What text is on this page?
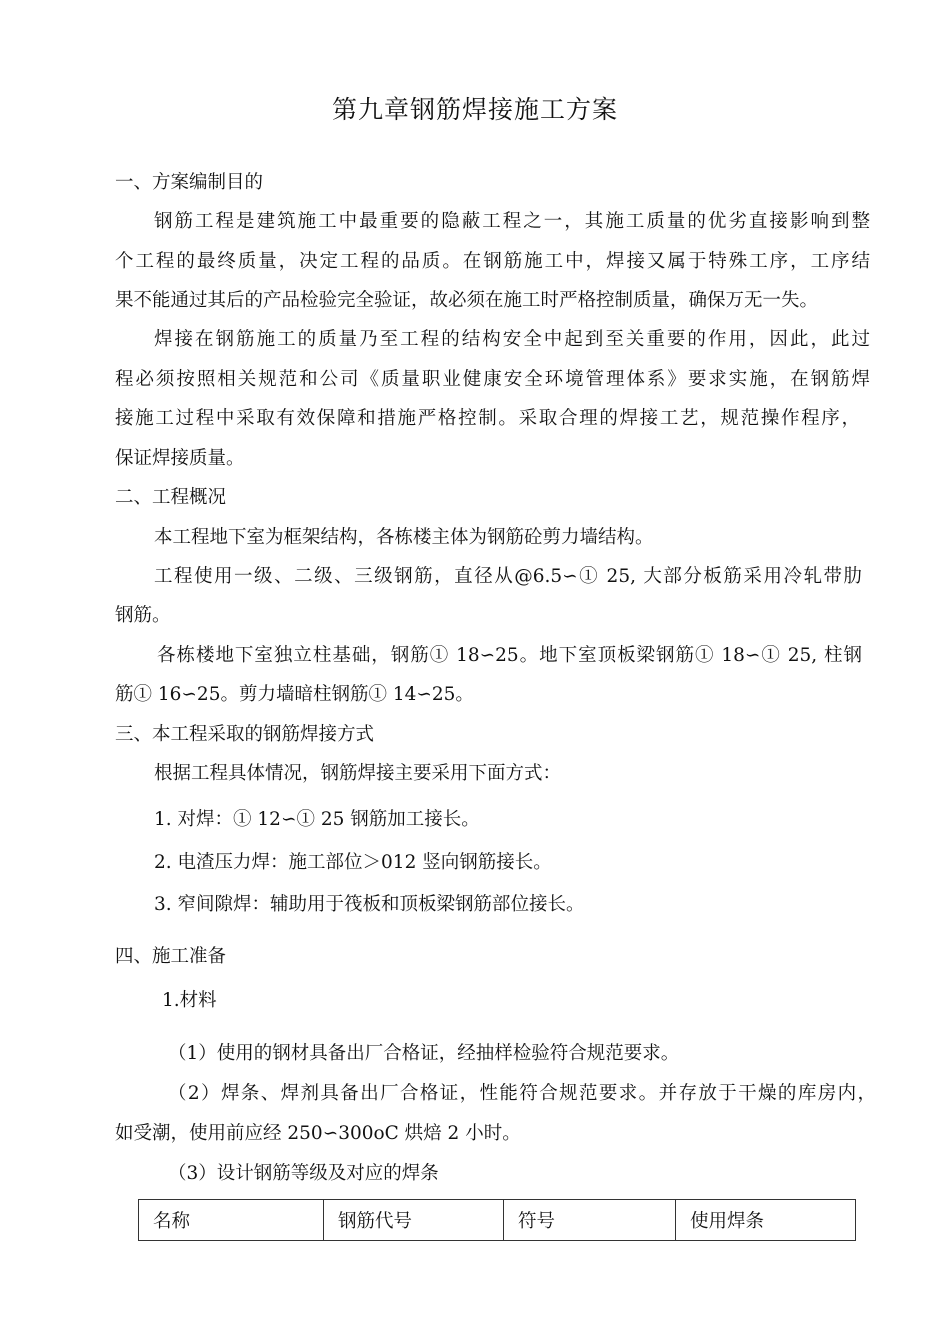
第九章钢筋焊接施工方案
一、方案编制目的
钢筋工程是建筑施工中最重要的隐蔽工程之一，其施工质量的优劣直接影响到整
个工程的最终质量，决定工程的品质。在钢筋施工中，焊接又属于特殊工序，工序结
果不能通过其后的产品检验完全验证，故必须在施工时严格控制质量，确保万无一失。
焊接在钢筋施工的质量乃至工程的结构安全中起到至关重要的作用，因此，此过
程必须按照相关规范和公司《质量职业健康安全环境管理体系》要求实施，在钢筋焊
接施工过程中采取有效保障和措施严格控制。采取合理的焊接工艺，规范操作程序，
保证焊接质量。
二、工程概况
本工程地下室为框架结构，各栋楼主体为钢筋砼剪力墙结构。
工程使用一级、二级、三级钢筋，直径从@6.5∽① 25, 大部分板筋采用冷轧带肋
钢筋。
各栋楼地下室独立柱基础，钢筋① 18∽25。地下室顶板梁钢筋① 18∽① 25, 柱钢
筋① 16∽25。剪力墙暗柱钢筋① 14∽25。
三、本工程采取的钢筋焊接方式
根据工程具体情况，钢筋焊接主要采用下面方式：
1. 对焊：① 12∽① 25 钢筋加工接长。
2. 电渣压力焊：施工部位＞012 竖向钢筋接长。
3. 窄间隙焊：辅助用于筏板和顶板梁钢筋部位接长。
四、施工准备
1.材料
（1）使用的钢材具备出厂合格证，经抽样检验符合规范要求。
（2）焊条、焊剂具备出厂合格证，性能符合规范要求。并存放于干燥的库房内，
如受潮，使用前应经 250∽300oC 烘焙 2 小时。
（3）设计钢筋等级及对应的焊条
名称	钢筋代号	符号	使用焊条
